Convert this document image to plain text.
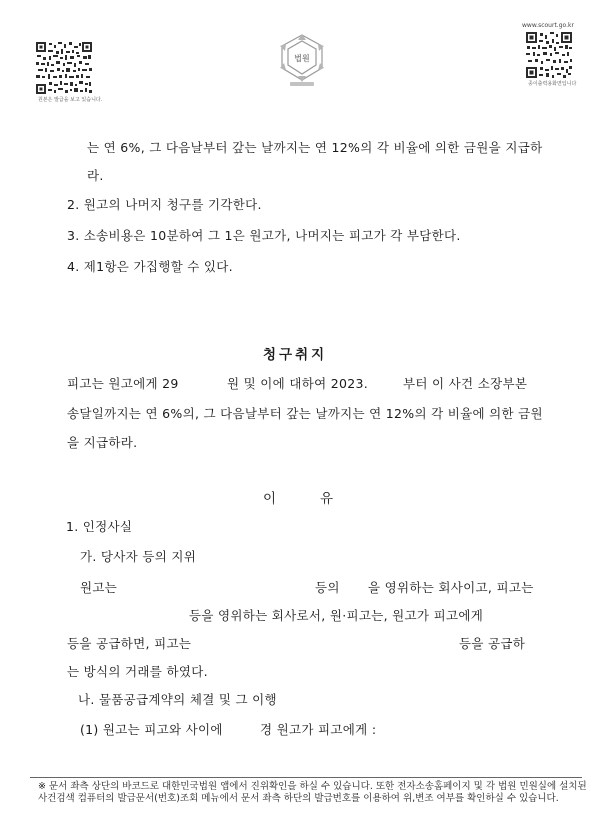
원본은 발급을 보고 있습니다.
법원
www.scourt.go.kr
종이출력용화면입니다
는 연 6%, 그 다음날부터 갚는 날까지는 연 12%의 각 비율에 의한 금원을 지급하
라.
2. 원고의 나머지 청구를 기각한다.
3. 소송비용은 10분하여 그 1은 원고가, 나머지는 피고가 각 부담한다.
4. 제1항은 가집행할 수 있다.
청구취지
피고는 원고에게 29	원 및 이에 대하여 2023.	부터 이 사건 소장부본
송달일까지는 연 6%의, 그 다음날부터 갚는 날까지는 연 12%의 각 비율에 의한 금원
을 지급하라.
이	유
1. 인정사실
가. 당사자 등의 지위
원고는	등의 을 영위하는 회사이고, 피고는
등을 영위하는 회사로서, 원·피고는, 원고가 피고에게
등을 공급하면, 피고는	등을 공급하
는 방식의 거래를 하였다.
나. 물품공급계약의 체결 및 그 이행
(1) 원고는 피고와 사이에	경 원고가 피고에게 :
※ 문서 좌측 상단의 바코드로 대한민국법원 앱에서 진위확인을 하실 수 있습니다. 또한 전자소송홈페이지 및 각 법원 민원실에 설치된 사건검색 컴퓨터의 발급문서(번호)조회 메뉴에서 문서 좌측 하단의 발급번호를 이용하여 위,변조 여부를 확인하실 수 있습니다.
